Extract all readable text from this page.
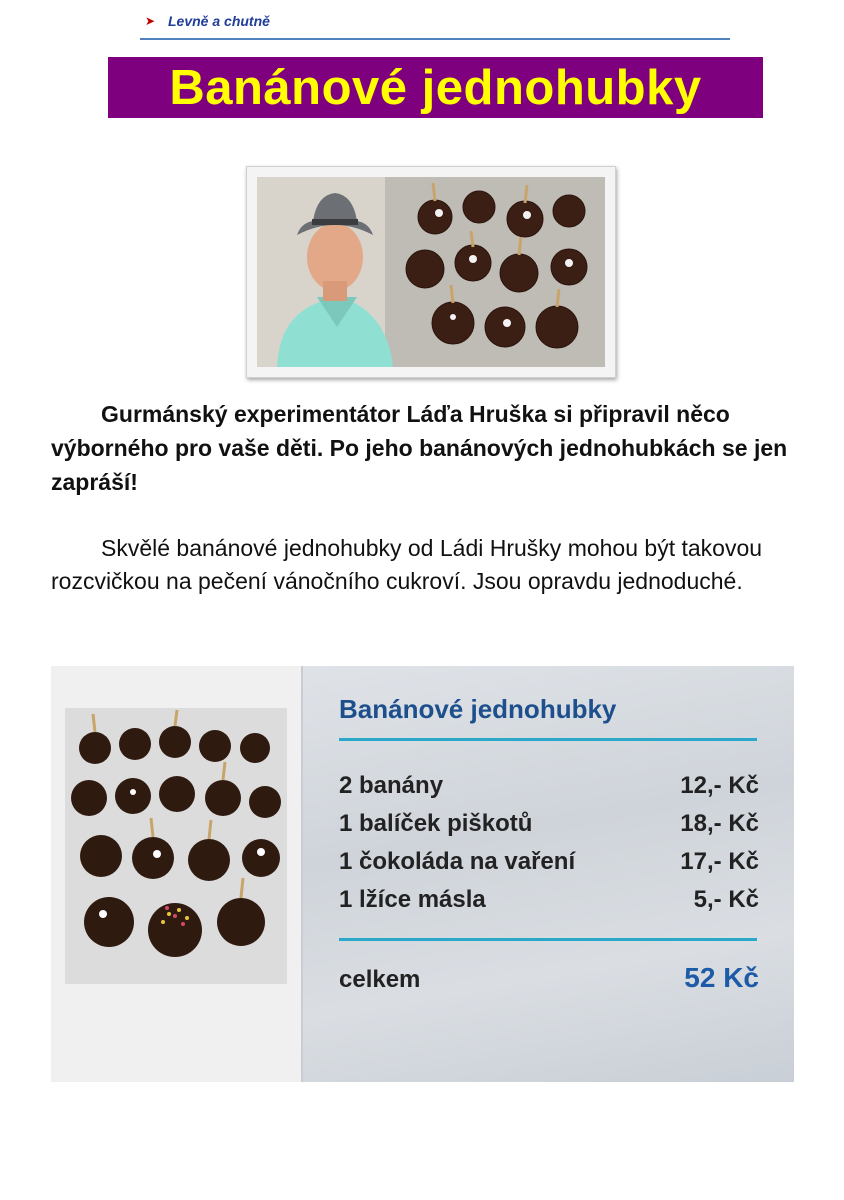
➤ Levně a chutně
Banánové jednohubky

Gurmánský experimentátor Láďa Hruška si připravil něco výborného pro vaše děti. Po jeho banánových jednohubkách se jen zapráší!

Skvělé banánové jednohubky od Ládi Hrušky mohou být takovou rozcvičkou na pečení vánočního cukroví. Jsou opravdu jednoduché.

Banánové jednohubky
2 banány	12,- Kč
1 balíček piškotů	18,- Kč
1 čokoláda na vaření	17,- Kč
1 lžíce másla	5,- Kč
celkem	52 Kč
